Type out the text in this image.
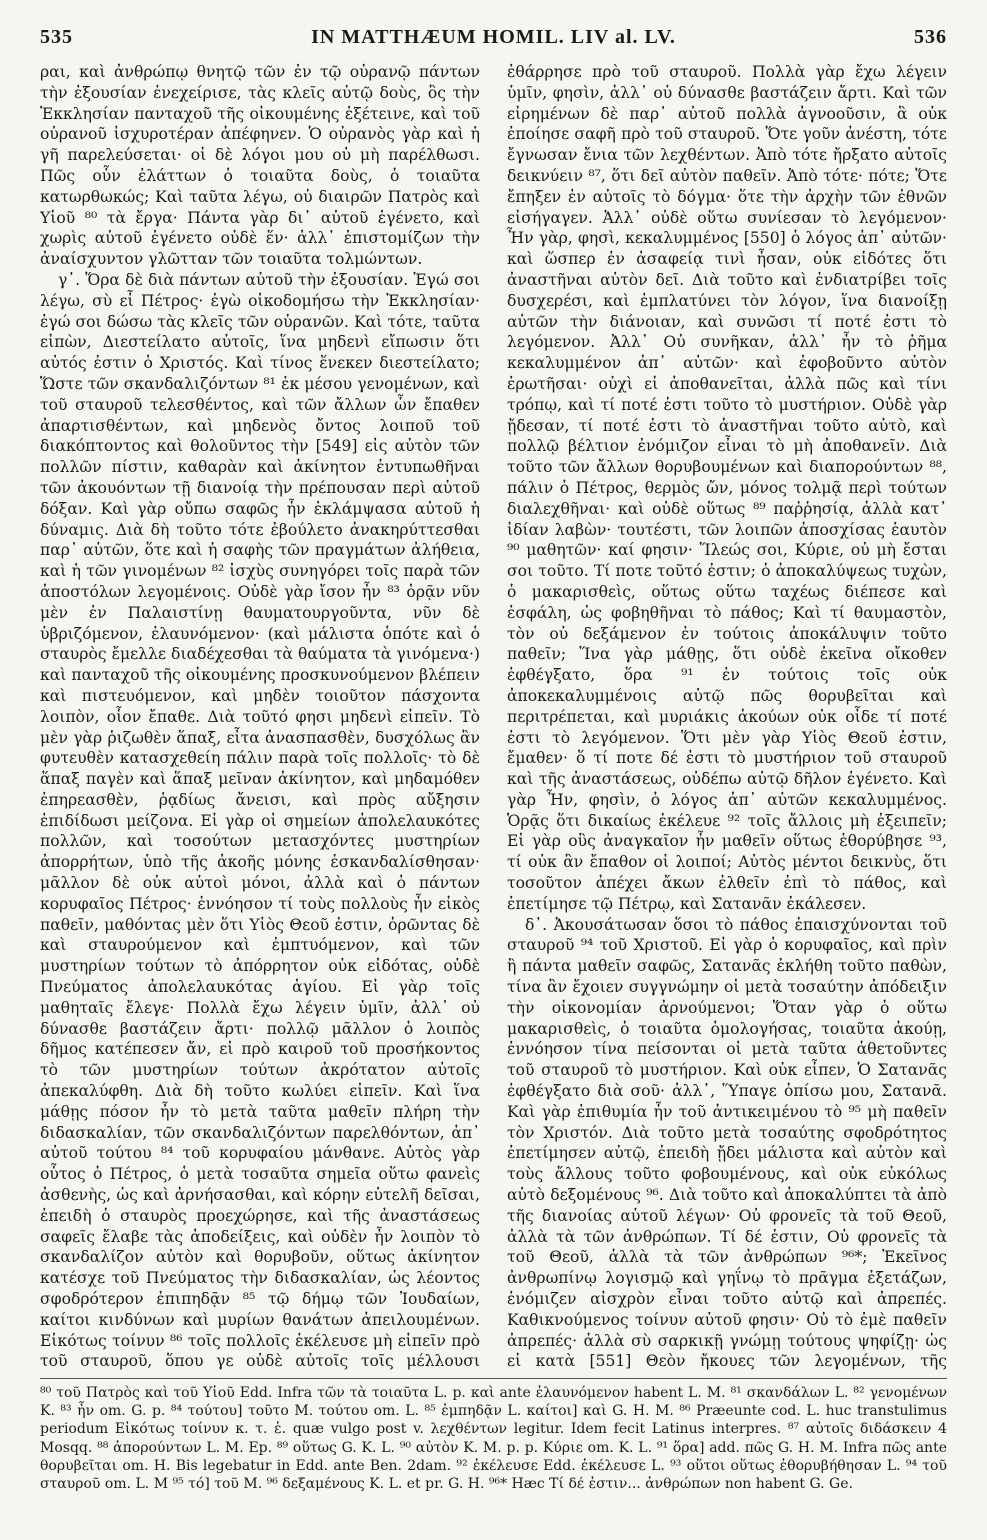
535	IN MATTHÆUM HOMIL. LIV al. LV.	536

ραι, καὶ ἀνθρώπῳ θνητῷ τῶν ἐν τῷ οὐρανῷ πάντων τὴν ἐξουσίαν ἐνεχείρισε, τὰς κλεῖς αὐτῷ δοὺς, ὃς τὴν Ἐκκλησίαν πανταχοῦ τῆς οἰκουμένης ἐξέτεινε, καὶ τοῦ οὐρανοῦ ἰσχυροτέραν ἀπέφηνεν. Ὁ οὐρανὸς γὰρ καὶ ἡ γῆ παρελεύσεται· οἱ δὲ λόγοι μου οὐ μὴ παρέλθωσι. Πῶς οὖν ἐλάττων ὁ τοιαῦτα δοὺς, ὁ τοιαῦτα κατωρθωκώς; Καὶ ταῦτα λέγω, οὐ διαιρῶν Πατρὸς καὶ Υἱοῦ ⁸⁰ τὰ ἔργα· Πάντα γὰρ δι᾽ αὐτοῦ ἐγένετο, καὶ χωρὶς αὐτοῦ ἐγένετο οὐδὲ ἕν· ἀλλ᾽ ἐπιστομίζων τὴν ἀναίσχυντον γλῶτταν τῶν τοιαῦτα τολμώντων.

γ᾽. Ὅρα δὲ διὰ πάντων αὐτοῦ τὴν ἐξουσίαν. Ἐγώ σοι λέγω, σὺ εἶ Πέτρος· ἐγὼ οἰκοδομήσω τὴν Ἐκκλησίαν· ἐγώ σοι δώσω τὰς κλεῖς τῶν οὐρανῶν. Καὶ τότε, ταῦτα εἰπὼν, Διεστείλατο αὐτοῖς, ἵνα μηδενὶ εἴπωσιν ὅτι αὐτός ἐστιν ὁ Χριστός. Καὶ τίνος ἕνεκεν διεστείλατο; Ὥστε τῶν σκανδαλιζόντων ⁸¹ ἐκ μέσου γενομένων, καὶ τοῦ σταυροῦ τελεσθέντος, καὶ τῶν ἄλλων ὧν ἔπαθεν ἀπαρτισθέντων, καὶ μηδενὸς ὄντος λοιποῦ τοῦ διακόπτοντος καὶ θολοῦντος τὴν [549] εἰς αὐτὸν τῶν πολλῶν πίστιν, καθαρὰν καὶ ἀκίνητον ἐντυπωθῆναι τῶν ἀκουόντων τῇ διανοίᾳ τὴν πρέπουσαν περὶ αὐτοῦ δόξαν. Καὶ γὰρ οὔπω σαφῶς ἦν ἐκλάμψασα αὐτοῦ ἡ δύναμις. Διὰ δὴ τοῦτο τότε ἐβούλετο ἀνακηρύττεσθαι παρ᾽ αὐτῶν, ὅτε καὶ ἡ σαφὴς τῶν πραγμάτων ἀλήθεια, καὶ ἡ τῶν γινομένων ⁸² ἰσχὺς συνηγόρει τοῖς παρὰ τῶν ἀποστόλων λεγομένοις. Οὐδὲ γὰρ ἴσον ἦν ⁸³ ὁρᾷν νῦν μὲν ἐν Παλαιστίνῃ θαυματουργοῦντα, νῦν δὲ ὑβριζόμενον, ἐλαυνόμενον· (καὶ μάλιστα ὁπότε καὶ ὁ σταυρὸς ἔμελλε διαδέχεσθαι τὰ θαύματα τὰ γινόμενα·) καὶ πανταχοῦ τῆς οἰκουμένης προσκυνούμενον βλέπειν καὶ πιστευόμενον, καὶ μηδὲν τοιοῦτον πάσχοντα λοιπὸν, οἷον ἔπαθε. Διὰ τοῦτό φησι μηδενὶ εἰπεῖν. Τὸ μὲν γὰρ ῥιζωθὲν ἅπαξ, εἶτα ἀνασπασθὲν, δυσχόλως ἂν φυτευθὲν κατασχεθείη πάλιν παρὰ τοῖς πολλοῖς· τὸ δὲ ἅπαξ παγὲν καὶ ἅπαξ μεῖναν ἀκίνητον, καὶ μηδαμόθεν ἐπηρεασθὲν, ῥᾳδίως ἄνεισι, καὶ πρὸς αὔξησιν ἐπιδίδωσι μείζονα. Εἰ γὰρ οἱ σημείων ἀπολελαυκότες πολλῶν, καὶ τοσούτων μετασχόντες μυστηρίων ἀπορρήτων, ὑπὸ τῆς ἀκοῆς μόνης ἐσκανδαλίσθησαν· μᾶλλον δὲ οὐκ αὐτοὶ μόνοι, ἀλλὰ καὶ ὁ πάντων κορυφαῖος Πέτρος· ἐννόησον τί τοὺς πολλοὺς ἦν εἰκὸς παθεῖν, μαθόντας μὲν ὅτι Υἱὸς Θεοῦ ἐστιν, ὁρῶντας δὲ καὶ σταυρούμενον καὶ ἐμπτυόμενον, καὶ τῶν μυστηρίων τούτων τὸ ἀπόρρητον οὐκ εἰδότας, οὐδὲ Πνεύματος ἀπολελαυκότας ἁγίου. Εἰ γὰρ τοῖς μαθηταῖς ἔλεγε· Πολλὰ ἔχω λέγειν ὑμῖν, ἀλλ᾽ οὐ δύνασθε βαστάζειν ἄρτι· πολλῷ μᾶλλον ὁ λοιπὸς δῆμος κατέπεσεν ἄν, εἰ πρὸ καιροῦ τοῦ προσήκοντος τὸ τῶν μυστηρίων τούτων ἀκρότατον αὐτοῖς ἀπεκαλύφθη. Διὰ δὴ τοῦτο κωλύει εἰπεῖν. Καὶ ἵνα μάθῃς πόσον ἦν τὸ μετὰ ταῦτα μαθεῖν πλήρη τὴν διδασκαλίαν, τῶν σκανδαλιζόντων παρελθόντων, ἀπ᾽ αὐτοῦ τούτου ⁸⁴ τοῦ κορυφαίου μάνθανε. Αὐτὸς γὰρ οὗτος ὁ Πέτρος, ὁ μετὰ τοσαῦτα σημεῖα οὕτω φανεὶς ἀσθενὴς, ὡς καὶ ἀρνήσασθαι, καὶ κόρην εὐτελῆ δεῖσαι, ἐπειδὴ ὁ σταυρὸς προεχώρησε, καὶ τῆς ἀναστάσεως σαφεῖς ἔλαβε τὰς ἀποδείξεις, καὶ οὐδὲν ἦν λοιπὸν τὸ σκανδαλίζον αὐτὸν καὶ θορυβοῦν, οὕτως ἀκίνητον κατέσχε τοῦ Πνεύματος τὴν διδασκαλίαν, ὡς λέοντος σφοδρότερον ἐπιπηδᾷν ⁸⁵ τῷ δήμῳ τῶν Ἰουδαίων, καίτοι κινδύνων καὶ μυρίων θανάτων ἀπειλουμένων. Εἰκότως τοίνυν ⁸⁶ τοῖς πολλοῖς ἐκέλευσε μὴ εἰπεῖν πρὸ τοῦ σταυροῦ, ὅπου γε οὐδὲ αὐτοῖς τοῖς μέλλουσι

ἐθάρρησε πρὸ τοῦ σταυροῦ. Πολλὰ γὰρ ἔχω λέγειν ὑμῖν, φησὶν, ἀλλ᾽ οὐ δύνασθε βαστάζειν ἄρτι. Καὶ τῶν εἰρημένων δὲ παρ᾽ αὐτοῦ πολλὰ ἀγνοοῦσιν, ἃ οὐκ ἐποίησε σαφῆ πρὸ τοῦ σταυροῦ. Ὅτε γοῦν ἀνέστη, τότε ἔγνωσαν ἔνια τῶν λεχθέντων. Ἀπὸ τότε ἤρξατο αὐτοῖς δεικνύειν ⁸⁷, ὅτι δεῖ αὐτὸν παθεῖν. Ἀπὸ τότε· πότε; Ὅτε ἔπηξεν ἐν αὐτοῖς τὸ δόγμα· ὅτε τὴν ἀρχὴν τῶν ἐθνῶν εἰσήγαγεν. Ἀλλ᾽ οὐδὲ οὕτω συνίεσαν τὸ λεγόμενον· Ἦν γὰρ, φησὶ, κεκαλυμμένος [550] ὁ λόγος ἀπ᾽ αὐτῶν· καὶ ὥσπερ ἐν ἀσαφείᾳ τινὶ ἦσαν, οὐκ εἰδότες ὅτι ἀναστῆναι αὐτὸν δεῖ. Διὰ τοῦτο καὶ ἐνδιατρίβει τοῖς δυσχερέσι, καὶ ἐμπλατύνει τὸν λόγον, ἵνα διανοίξῃ αὐτῶν τὴν διάνοιαν, καὶ συνῶσι τί ποτέ ἐστι τὸ λεγόμενον. Ἀλλ᾽ Οὐ συνῆκαν, ἀλλ᾽ ἦν τὸ ῥῆμα κεκαλυμμένον ἀπ᾽ αὐτῶν· καὶ ἐφοβοῦντο αὐτὸν ἐρωτῆσαι· οὐχὶ εἰ ἀποθανεῖται, ἀλλὰ πῶς καὶ τίνι τρόπῳ, καὶ τί ποτέ ἐστι τοῦτο τὸ μυστήριον. Οὐδὲ γὰρ ᾔδεσαν, τί ποτέ ἐστι τὸ ἀναστῆναι τοῦτο αὐτὸ, καὶ πολλῷ βέλτιον ἐνόμιζον εἶναι τὸ μὴ ἀποθανεῖν. Διὰ τοῦτο τῶν ἄλλων θορυβουμένων καὶ διαπορούντων ⁸⁸, πάλιν ὁ Πέτρος, θερμὸς ὤν, μόνος τολμᾷ περὶ τούτων διαλεχθῆναι· καὶ οὐδὲ οὕτως ⁸⁹ παῤῥησίᾳ, ἀλλὰ κατ᾽ ἰδίαν λαβὼν· τουτέστι, τῶν λοιπῶν ἀποσχίσας ἑαυτὸν ⁹⁰ μαθητῶν· καί φησιν· Ἵλεώς σοι, Κύριε, οὐ μὴ ἔσται σοι τοῦτο. Τί ποτε τοῦτό ἐστιν; ὁ ἀποκαλύψεως τυχὼν, ὁ μακαρισθεὶς, οὕτως οὕτω ταχέως διέπεσε καὶ ἐσφάλη, ὡς φοβηθῆναι τὸ πάθος; Καὶ τί θαυμαστὸν, τὸν οὐ δεξάμενον ἐν τούτοις ἀποκάλυψιν τοῦτο παθεῖν; Ἵνα γὰρ μάθῃς, ὅτι οὐδὲ ἐκεῖνα οἴκοθεν ἐφθέγξατο, ὅρα ⁹¹ ἐν τούτοις τοῖς οὐκ ἀποκεκαλυμμένοις αὐτῷ πῶς θορυβεῖται καὶ περιτρέπεται, καὶ μυριάκις ἀκούων οὐκ οἶδε τί ποτέ ἐστι τὸ λεγόμενον. Ὅτι μὲν γὰρ Υἱὸς Θεοῦ ἐστιν, ἔμαθεν· ὅ τί ποτε δέ ἐστι τὸ μυστήριον τοῦ σταυροῦ καὶ τῆς ἀναστάσεως, οὐδέπω αὐτῷ δῆλον ἐγένετο. Καὶ γὰρ Ἦν, φησὶν, ὁ λόγος ἀπ᾽ αὐτῶν κεκαλυμμένος. Ὁρᾷς ὅτι δικαίως ἐκέλευε ⁹² τοῖς ἄλλοις μὴ ἐξειπεῖν; Εἰ γὰρ οὓς ἀναγκαῖον ἦν μαθεῖν οὕτως ἐθορύβησε ⁹³, τί οὐκ ἂν ἔπαθον οἱ λοιποί; Αὐτὸς μέντοι δεικνὺς, ὅτι τοσοῦτον ἀπέχει ἄκων ἐλθεῖν ἐπὶ τὸ πάθος, καὶ ἐπετίμησε τῷ Πέτρῳ, καὶ Σατανᾶν ἐκάλεσεν.

δ᾽. Ἀκουσάτωσαν ὅσοι τὸ πάθος ἐπαισχύνονται τοῦ σταυροῦ ⁹⁴ τοῦ Χριστοῦ. Εἰ γὰρ ὁ κορυφαῖος, καὶ πρὶν ἢ πάντα μαθεῖν σαφῶς, Σατανᾶς ἐκλήθη τοῦτο παθὼν, τίνα ἂν ἔχοιεν συγγνώμην οἱ μετὰ τοσαύτην ἀπόδειξιν τὴν οἰκονομίαν ἀρνούμενοι; Ὅταν γὰρ ὁ οὕτω μακαρισθεὶς, ὁ τοιαῦτα ὁμολογήσας, τοιαῦτα ἀκούῃ, ἐννόησον τίνα πείσονται οἱ μετὰ ταῦτα ἀθετοῦντες τοῦ σταυροῦ τὸ μυστήριον. Καὶ οὐκ εἶπεν, Ὁ Σατανᾶς ἐφθέγξατο διὰ σοῦ· ἀλλ᾽, Ὕπαγε ὀπίσω μου, Σατανᾶ. Καὶ γὰρ ἐπιθυμία ἦν τοῦ ἀντικειμένου τὸ ⁹⁵ μὴ παθεῖν τὸν Χριστόν. Διὰ τοῦτο μετὰ τοσαύτης σφοδρότητος ἐπετίμησεν αὐτῷ, ἐπειδὴ ᾔδει μάλιστα καὶ αὐτὸν καὶ τοὺς ἄλλους τοῦτο φοβουμένους, καὶ οὐκ εὐκόλως αὐτὸ δεξομένους ⁹⁶. Διὰ τοῦτο καὶ ἀποκαλύπτει τὰ ἀπὸ τῆς διανοίας αὐτοῦ λέγων· Οὐ φρονεῖς τὰ τοῦ Θεοῦ, ἀλλὰ τὰ τῶν ἀνθρώπων. Τί δέ ἐστιν, Οὐ φρονεῖς τὰ τοῦ Θεοῦ, ἀλλὰ τὰ τῶν ἀνθρώπων ⁹⁶*; Ἐκεῖνος ἀνθρωπίνῳ λογισμῷ καὶ γηΐνῳ τὸ πρᾶγμα ἐξετάζων, ἐνόμιζεν αἰσχρὸν εἶναι τοῦτο αὐτῷ καὶ ἀπρεπές. Καθικνούμενος τοίνυν αὐτοῦ φησιν· Οὐ τὸ ἐμὲ παθεῖν ἀπρεπές· ἀλλὰ σὺ σαρκικῇ γνώμῃ τούτους ψηφίζῃ· ὡς εἰ κατὰ [551] Θεὸν ἤκουες τῶν λεγομένων, τῆς

⁸⁰ τοῦ Πατρὸς καὶ τοῦ Υἱοῦ Edd. Infra τῶν τὰ τοιαῦτα L. p. καὶ ante ἐλαυνόμενον habent L. M. ⁸¹ σκανδάλων L. ⁸² γενομένων K. ⁸³ ἦν om. G. p. ⁸⁴ τούτου] τοῦτο M. τούτου om. L. ⁸⁵ ἐμπηδᾷν L. καίτοι] καὶ G. H. M. ⁸⁶ Præeunte cod. L. huc transtulimus periodum Εἰκότως τοίνυν κ. τ. ἑ. quæ vulgo post v. λεχθέντων legitur. Idem fecit Latinus interpres. ⁸⁷ αὐτοῖς διδάσκειν 4 Mosqq. ⁸⁸ ἀπορούντων L. M. Ep. ⁸⁹ οὕτως G. K. L. ⁹⁰ αὐτὸν K. M. p. p. Κύριε om. K. L. ⁹¹ ὅρα] add. πῶς G. H. M. Infra πῶς ante θορυβεῖται om. H. Bis legebatur in Edd. ante Ben. 2dam. ⁹² ἐκέλευσε Edd. ἐκέλευσε L. ⁹³ οὕτοι οὕτως ἐθορυβήθησαν L. ⁹⁴ τοῦ σταυροῦ om. L. M ⁹⁵ τό] τοῦ M. ⁹⁶ δεξαμένους K. L. et pr. G. H. ⁹⁶* Hæc Τί δέ ἐστιν... ἀνθρώπων non habent G. Ge.
